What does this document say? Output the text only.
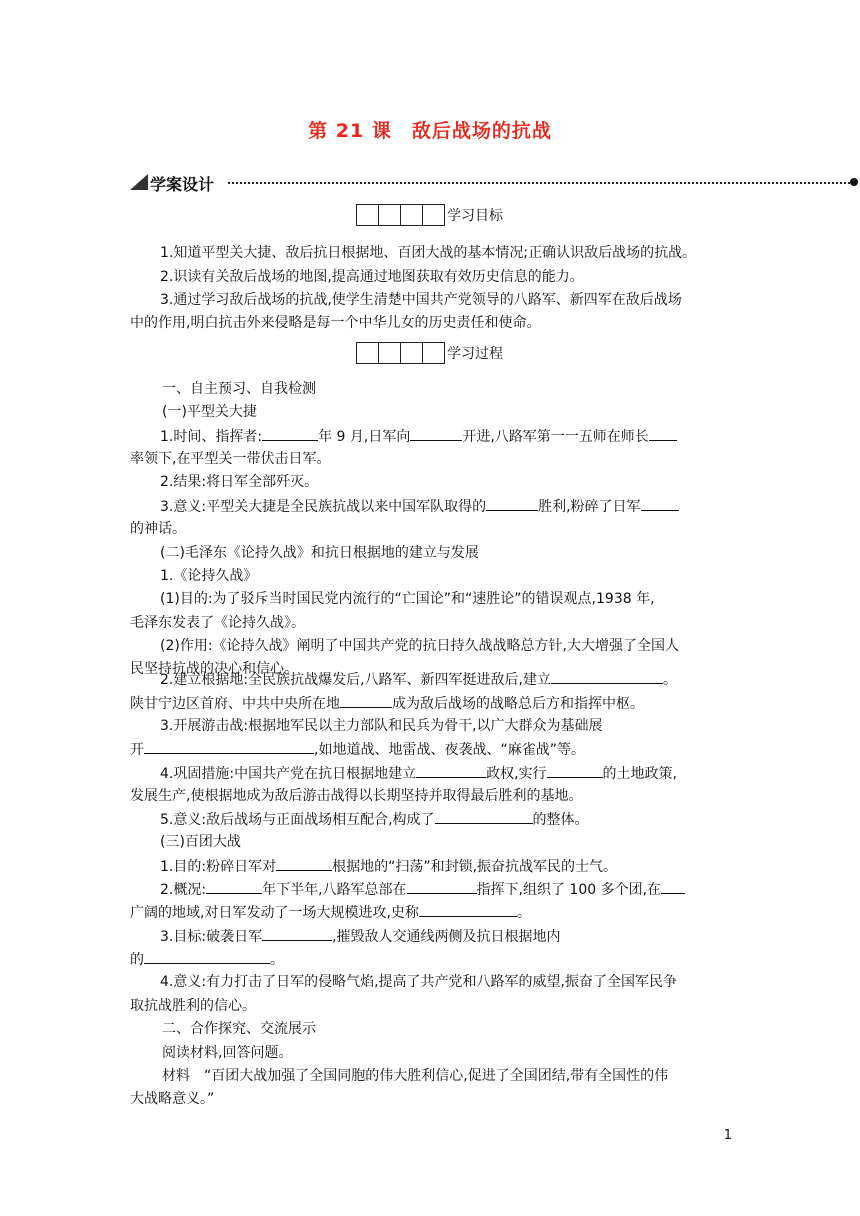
第 21 课　敌后战场的抗战
学案设计
学习目标
1.知道平型关大捷、敌后抗日根据地、百团大战的基本情况;正确认识敌后战场的抗战。
2.识读有关敌后战场的地图,提高通过地图获取有效历史信息的能力。
3.通过学习敌后战场的抗战,使学生清楚中国共产党领导的八路军、新四军在敌后战场
中的作用,明白抗击外来侵略是每一个中华儿女的历史责任和使命。
学习过程
一、自主预习、自我检测
(一)平型关大捷
1.时间、指挥者:	年 9 月,日军向	开进,八路军第一一五师在师长
率领下,在平型关一带伏击日军。
2.结果:将日军全部歼灭。
3.意义:平型关大捷是全民族抗战以来中国军队取得的	胜利,粉碎了日军
的神话。
(二)毛泽东《论持久战》和抗日根据地的建立与发展
1.《论持久战》
(1)目的:为了驳斥当时国民党内流行的“亡国论”和“速胜论”的错误观点,1938 年,
毛泽东发表了《论持久战》。
(2)作用:《论持久战》阐明了中国共产党的抗日持久战战略总方针,大大增强了全国人
民坚持抗战的决心和信心。
2.建立根据地:全民族抗战爆发后,八路军、新四军挺进敌后,建立	。
陕甘宁边区首府、中共中央所在地	成为敌后战场的战略总后方和指挥中枢。
3.开展游击战:根据地军民以主力部队和民兵为骨干,以广大群众为基础展
开	,如地道战、地雷战、夜袭战、“麻雀战”等。
4.巩固措施:中国共产党在抗日根据地建立	政权,实行	的土地政策,
发展生产,使根据地成为敌后游击战得以长期坚持并取得最后胜利的基地。
5.意义:敌后战场与正面战场相互配合,构成了	的整体。
(三)百团大战
1.目的:粉碎日军对	根据地的“扫荡”和封锁,振奋抗战军民的士气。
2.概况:	年下半年,八路军总部在	指挥下,组织了 100 多个团,在
广阔的地域,对日军发动了一场大规模进攻,史称	。
3.目标:破袭日军	,摧毁敌人交通线两侧及抗日根据地内
的	。
4.意义:有力打击了日军的侵略气焰,提高了共产党和八路军的威望,振奋了全国军民争
取抗战胜利的信心。
二、合作探究、交流展示
阅读材料,回答问题。
材料　“百团大战加强了全国同胞的伟大胜利信心,促进了全国团结,带有全国性的伟
大战略意义。”
1
